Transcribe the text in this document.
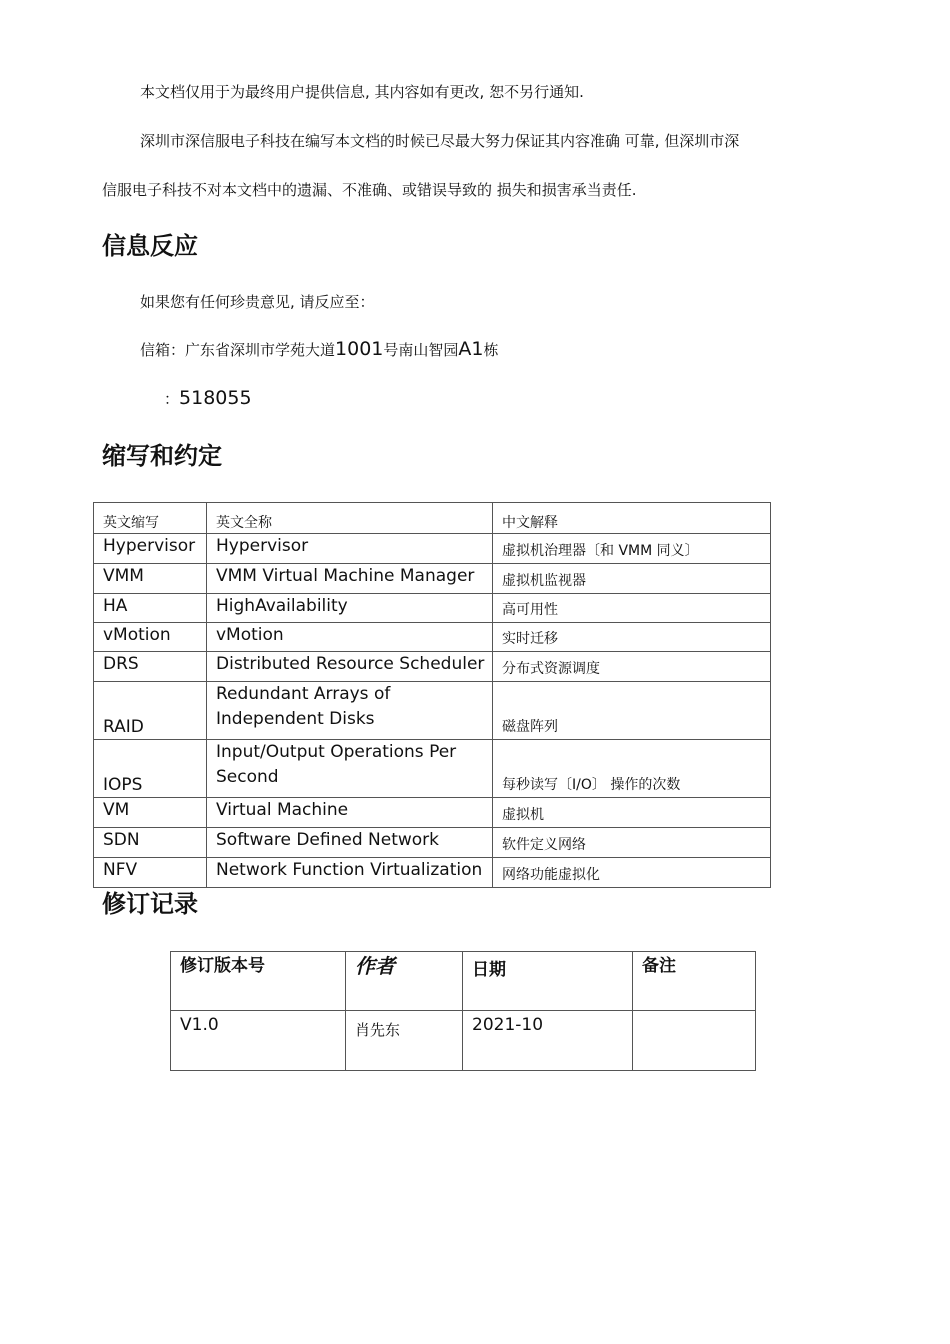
本文档仅用于为最终用户提供信息, 其内容如有更改, 恕不另行通知.
深圳市深信服电子科技在编写本文档的时候已尽最大努力保证其内容准确 可靠, 但深圳市深
信服电子科技不对本文档中的遗漏、不准确、或错误导致的 损失和损害承当责任.
信息反应
如果您有任何珍贵意见, 请反应至：
信箱：广东省深圳市学苑大道1001号南山智园A1栋
：518055
缩写和约定
英文缩写	英文全称	中文解释
Hypervisor	Hypervisor	虚拟机治理器〔和 VMM 同义〕
VMM	VMM Virtual Machine Manager	虚拟机监视器
HA	HighAvailability	高可用性
vMotion	vMotion	实时迁移
DRS	Distributed Resource Scheduler	分布式资源调度
RAID	Redundant Arrays of Independent Disks	磁盘阵列
IOPS	Input/Output Operations Per Second	每秒读写〔I/O〕 操作的次数
VM	Virtual Machine	虚拟机
SDN	Software Defined Network	软件定义网络
NFV	Network Function Virtualization	网络功能虚拟化
修订记录
修订版本号	作者	日期	备注
V1.0	肖先东	2021-10	
